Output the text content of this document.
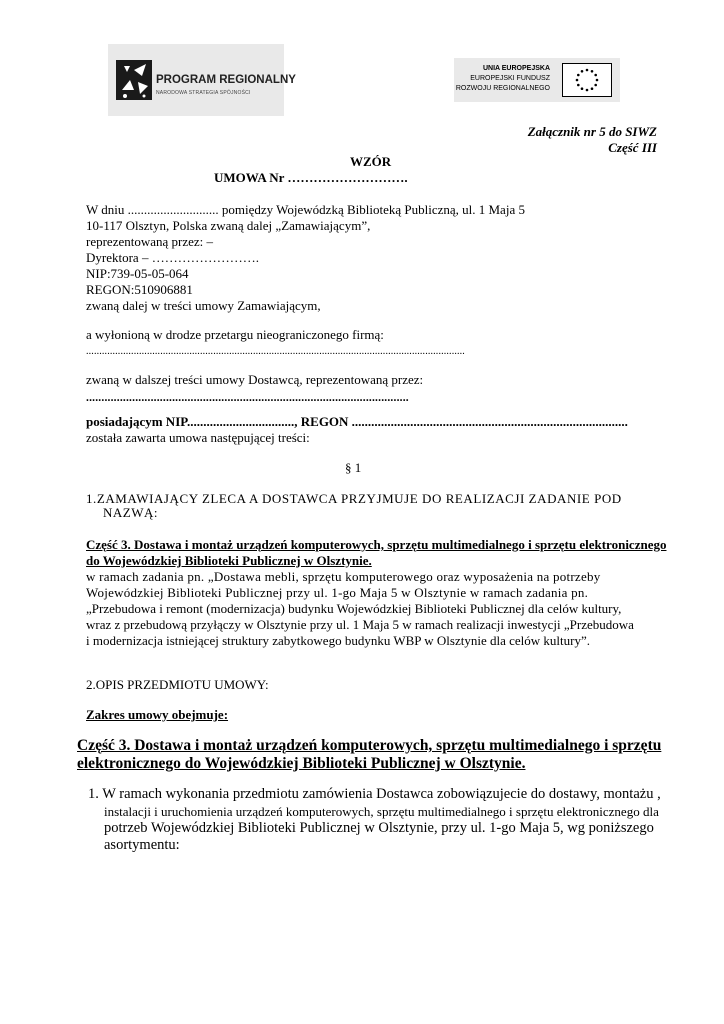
PROGRAM REGIONALNY
NARODOWA STRATEGIA SPÓJNOŚCI
UNIA EUROPEJSKA
EUROPEJSKI FUNDUSZ
ROZWOJU REGIONALNEGO
Załącznik nr 5 do SIWZ
Część III
WZÓR
UMOWA Nr ……………………….
W dniu ............................ pomiędzy Wojewódzką Biblioteką Publiczną, ul. 1 Maja 5
10-117 Olsztyn, Polska zwaną dalej „Zamawiającym”,
reprezentowaną przez: –
Dyrektora – …………………….
NIP:739-05-05-064
REGON:510906881
zwaną dalej w treści umowy Zamawiającym,
a wyłonioną w drodze przetargu nieograniczonego firmą:
...............................................................................................................................................
zwaną w dalszej treści umowy Dostawcą, reprezentowaną przez:
.........................................................................................................
posiadającym NIP................................., REGON .....................................................................................
została zawarta umowa następującej treści:
§ 1
1.ZAMAWIAJĄCY ZLECA A DOSTAWCA PRZYJMUJE DO REALIZACJI ZADANIE POD
NAZWĄ:
Część 3. Dostawa i montaż urządzeń komputerowych, sprzętu multimedialnego i sprzętu elektronicznego
do Wojewódzkiej Biblioteki Publicznej w Olsztynie.
w ramach zadania pn. „Dostawa mebli, sprzętu komputerowego oraz wyposażenia na potrzeby
Wojewódzkiej Biblioteki Publicznej przy ul. 1-go Maja 5 w Olsztynie w ramach zadania pn.
„Przebudowa i remont (modernizacja) budynku Wojewódzkiej Biblioteki Publicznej dla celów kultury,
wraz z przebudową przyłączy w Olsztynie przy ul. 1 Maja 5 w ramach realizacji inwestycji „Przebudowa
i modernizacja istniejącej struktury zabytkowego budynku WBP w Olsztynie dla celów kultury”.
2.OPIS PRZEDMIOTU UMOWY:
Zakres umowy obejmuje:
Część 3. Dostawa i montaż urządzeń komputerowych, sprzętu multimedialnego i sprzętu
elektronicznego do Wojewódzkiej Biblioteki Publicznej w Olsztynie.
1. W ramach wykonania przedmiotu zamówienia Dostawca zobowiązujecie do dostawy, montażu ,
instalacji i uruchomienia urządzeń komputerowych, sprzętu multimedialnego i sprzętu elektronicznego dla
potrzeb Wojewódzkiej Biblioteki Publicznej w Olsztynie, przy ul. 1-go Maja 5, wg poniższego
asortymentu:
